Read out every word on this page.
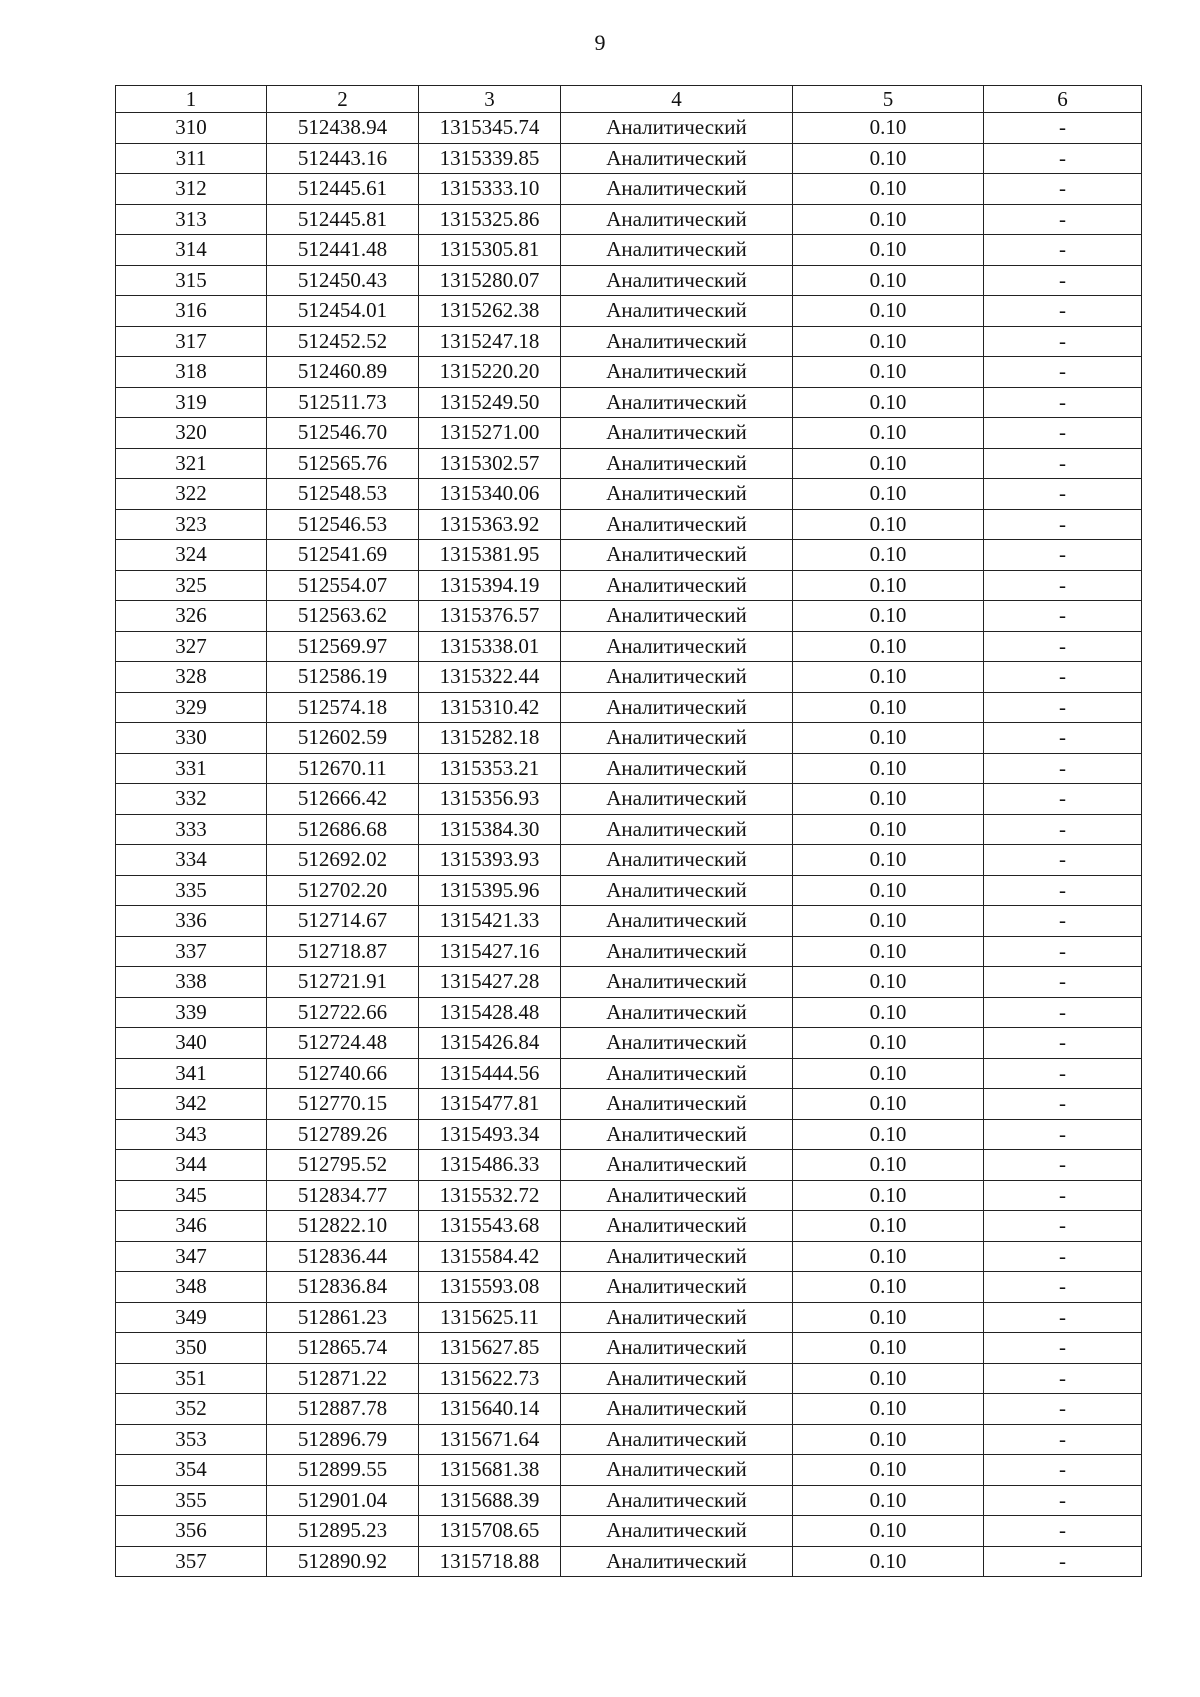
9
1	2	3	4	5	6
310	512438.94	1315345.74	Аналитический	0.10	-
311	512443.16	1315339.85	Аналитический	0.10	-
312	512445.61	1315333.10	Аналитический	0.10	-
313	512445.81	1315325.86	Аналитический	0.10	-
314	512441.48	1315305.81	Аналитический	0.10	-
315	512450.43	1315280.07	Аналитический	0.10	-
316	512454.01	1315262.38	Аналитический	0.10	-
317	512452.52	1315247.18	Аналитический	0.10	-
318	512460.89	1315220.20	Аналитический	0.10	-
319	512511.73	1315249.50	Аналитический	0.10	-
320	512546.70	1315271.00	Аналитический	0.10	-
321	512565.76	1315302.57	Аналитический	0.10	-
322	512548.53	1315340.06	Аналитический	0.10	-
323	512546.53	1315363.92	Аналитический	0.10	-
324	512541.69	1315381.95	Аналитический	0.10	-
325	512554.07	1315394.19	Аналитический	0.10	-
326	512563.62	1315376.57	Аналитический	0.10	-
327	512569.97	1315338.01	Аналитический	0.10	-
328	512586.19	1315322.44	Аналитический	0.10	-
329	512574.18	1315310.42	Аналитический	0.10	-
330	512602.59	1315282.18	Аналитический	0.10	-
331	512670.11	1315353.21	Аналитический	0.10	-
332	512666.42	1315356.93	Аналитический	0.10	-
333	512686.68	1315384.30	Аналитический	0.10	-
334	512692.02	1315393.93	Аналитический	0.10	-
335	512702.20	1315395.96	Аналитический	0.10	-
336	512714.67	1315421.33	Аналитический	0.10	-
337	512718.87	1315427.16	Аналитический	0.10	-
338	512721.91	1315427.28	Аналитический	0.10	-
339	512722.66	1315428.48	Аналитический	0.10	-
340	512724.48	1315426.84	Аналитический	0.10	-
341	512740.66	1315444.56	Аналитический	0.10	-
342	512770.15	1315477.81	Аналитический	0.10	-
343	512789.26	1315493.34	Аналитический	0.10	-
344	512795.52	1315486.33	Аналитический	0.10	-
345	512834.77	1315532.72	Аналитический	0.10	-
346	512822.10	1315543.68	Аналитический	0.10	-
347	512836.44	1315584.42	Аналитический	0.10	-
348	512836.84	1315593.08	Аналитический	0.10	-
349	512861.23	1315625.11	Аналитический	0.10	-
350	512865.74	1315627.85	Аналитический	0.10	-
351	512871.22	1315622.73	Аналитический	0.10	-
352	512887.78	1315640.14	Аналитический	0.10	-
353	512896.79	1315671.64	Аналитический	0.10	-
354	512899.55	1315681.38	Аналитический	0.10	-
355	512901.04	1315688.39	Аналитический	0.10	-
356	512895.23	1315708.65	Аналитический	0.10	-
357	512890.92	1315718.88	Аналитический	0.10	-
